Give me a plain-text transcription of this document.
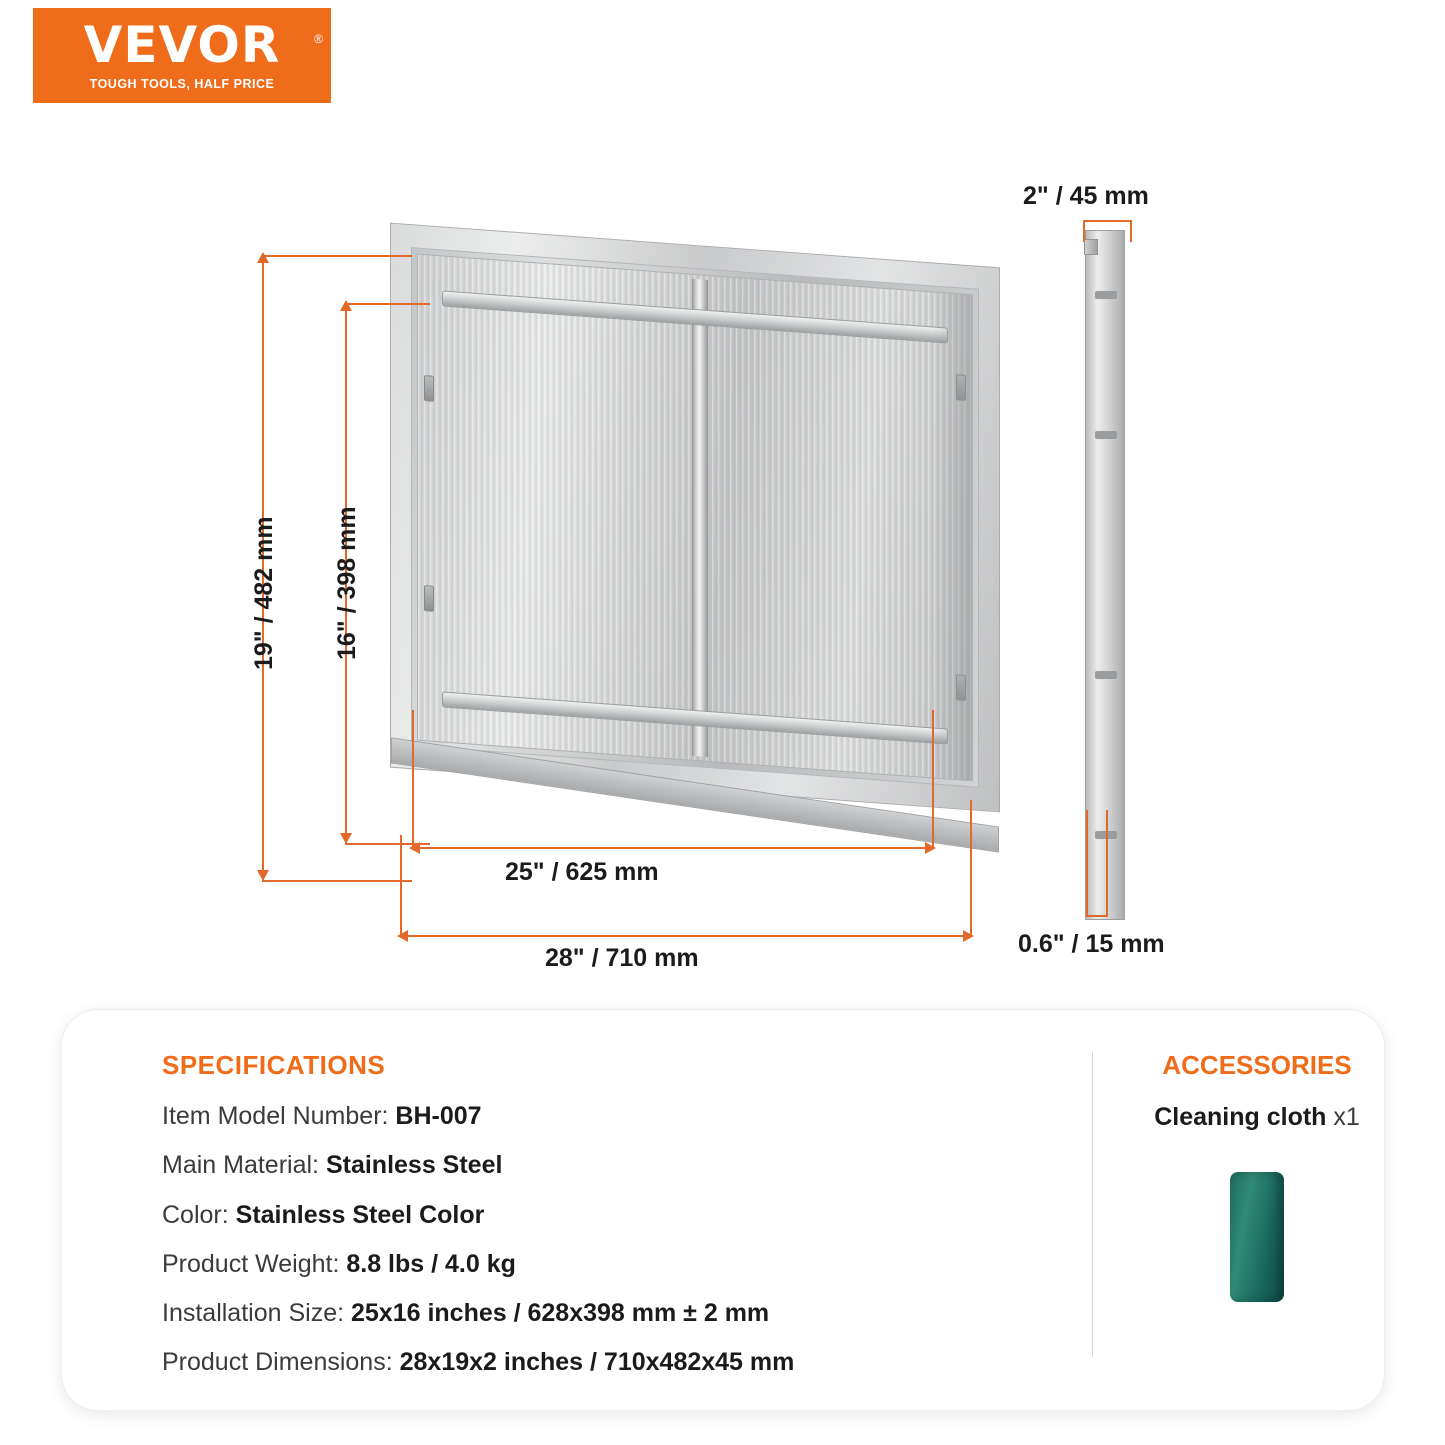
VEVOR
TOUGH TOOLS, HALF PRICE
®
19" / 482 mm 16" / 398 mm
25" / 625 mm
28" / 710 mm
2" / 45 mm
0.6" / 15 mm
SPECIFICATIONS
Item Model Number: BH-007
Main Material: Stainless Steel
Color: Stainless Steel Color
Product Weight: 8.8 lbs / 4.0 kg
Installation Size: 25x16 inches / 628x398 mm ± 2 mm
Product Dimensions: 28x19x2 inches / 710x482x45 mm
ACCESSORIES
Cleaning cloth x1
